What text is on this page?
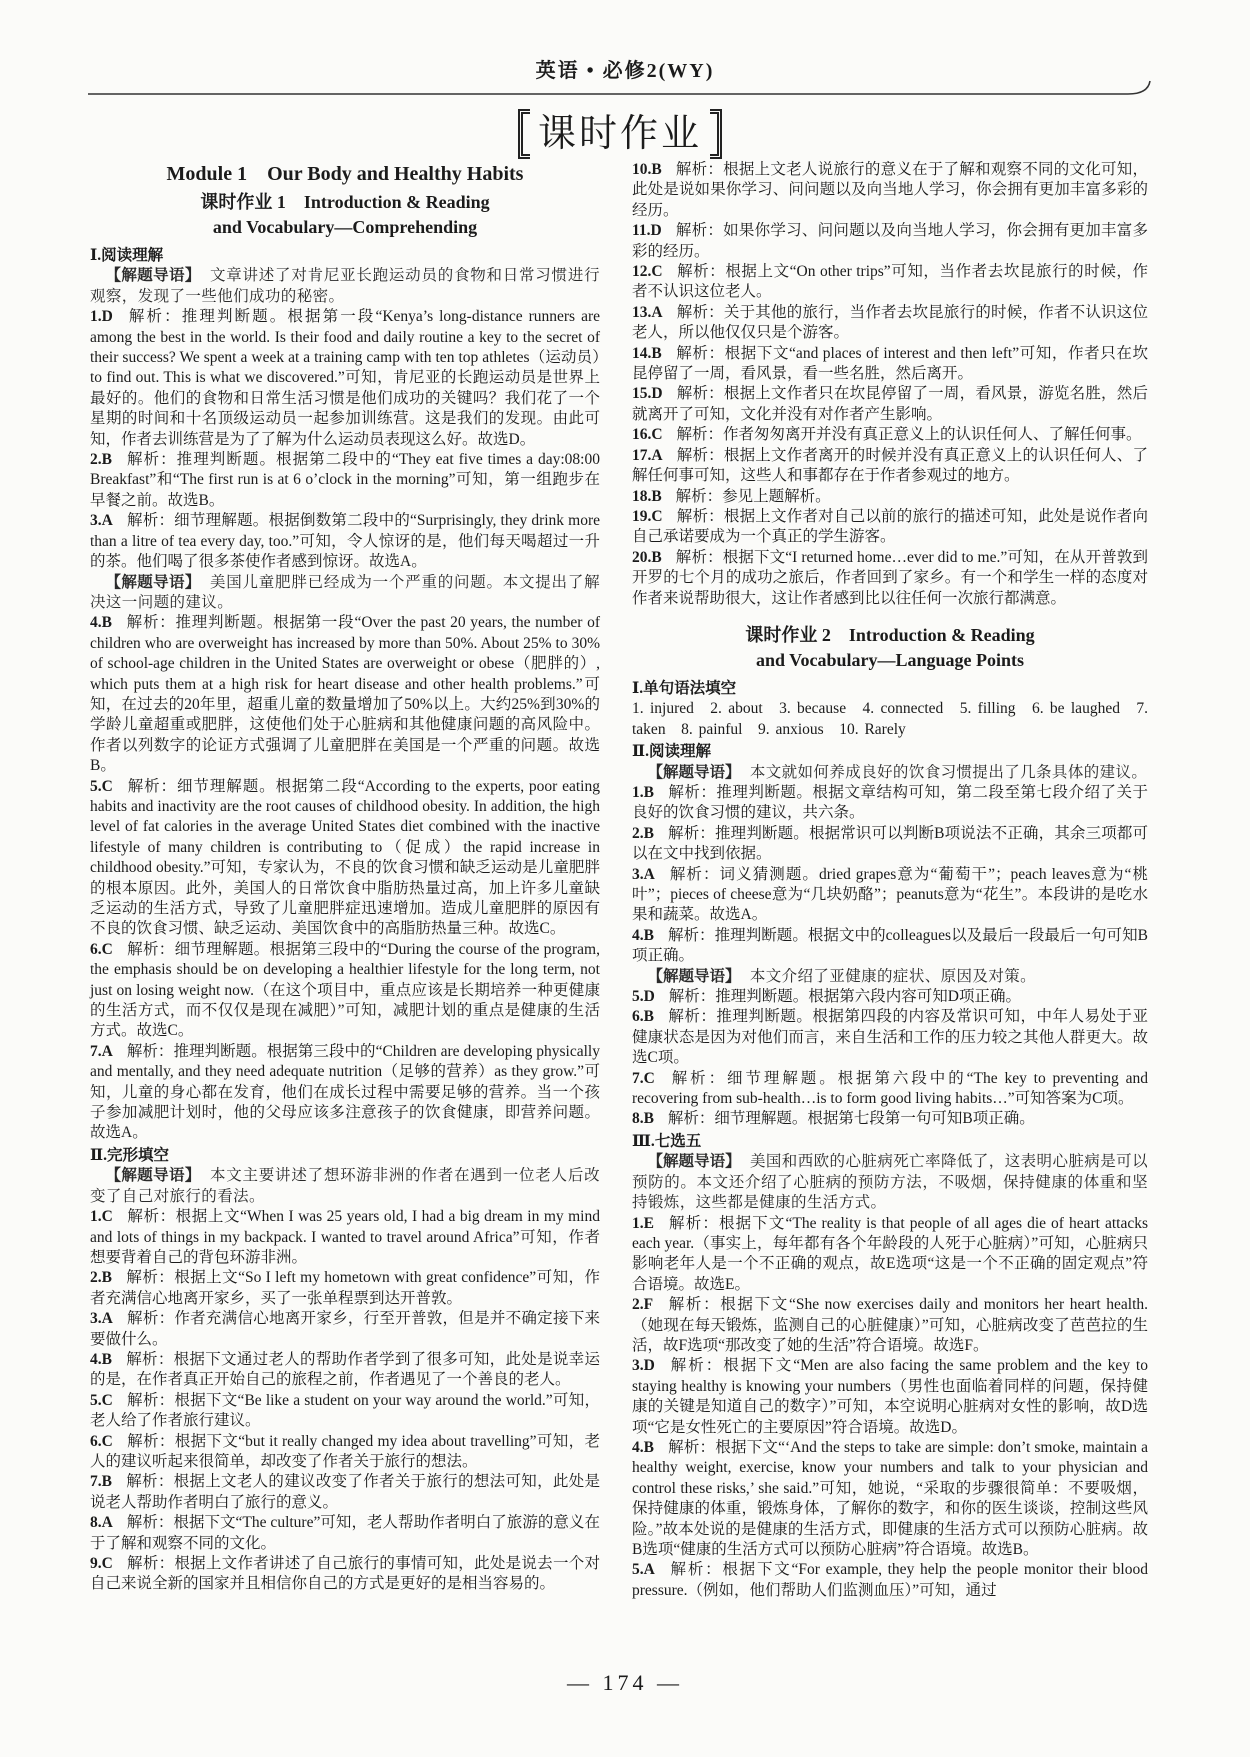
英语 • 必修2(WY)
课时作业
Module 1　Our Body and Healthy Habits
课时作业 1　Introduction & Reading
and Vocabulary—Comprehending
Ⅰ.阅读理解
【解题导语】 文章讲述了对肯尼亚长跑运动员的食物和日常习惯进行观察，发现了一些他们成功的秘密。
1.D 解析：推理判断题。根据第一段“Kenya’s long-distance runners are among the best in the world. Is their food and daily routine a key to the secret of their success? We spent a week at a training camp with ten top athletes（运动员）to find out. This is what we discovered.”可知，肯尼亚的长跑运动员是世界上最好的。他们的食物和日常生活习惯是他们成功的关键吗？我们花了一个星期的时间和十名顶级运动员一起参加训练营。这是我们的发现。由此可知，作者去训练营是为了了解为什么运动员表现这么好。故选D。
2.B 解析：推理判断题。根据第二段中的“They eat five times a day:08:00　Breakfast”和“The first run is at 6 o’clock in the morning”可知，第一组跑步在早餐之前。故选B。
3.A 解析：细节理解题。根据倒数第二段中的“Surprisingly, they drink more than a litre of tea every day, too.”可知，令人惊讶的是，他们每天喝超过一升的茶。他们喝了很多茶使作者感到惊讶。故选A。
【解题导语】 美国儿童肥胖已经成为一个严重的问题。本文提出了解决这一问题的建议。
4.B 解析：推理判断题。根据第一段“Over the past 20 years, the number of children who are overweight has increased by more than 50%. About 25% to 30% of school-age children in the United States are overweight or obese（肥胖的）, which puts them at a high risk for heart disease and other health problems.”可知，在过去的20年里，超重儿童的数量增加了50%以上。大约25%到30%的学龄儿童超重或肥胖，这使他们处于心脏病和其他健康问题的高风险中。作者以列数字的论证方式强调了儿童肥胖在美国是一个严重的问题。故选B。
5.C 解析：细节理解题。根据第二段“According to the experts, poor eating habits and inactivity are the root causes of childhood obesity. In addition, the high level of fat calories in the average United States diet combined with the inactive lifestyle of many children is contributing to（促成）the rapid increase in childhood obesity.”可知，专家认为，不良的饮食习惯和缺乏运动是儿童肥胖的根本原因。此外，美国人的日常饮食中脂肪热量过高，加上许多儿童缺乏运动的生活方式，导致了儿童肥胖症迅速增加。造成儿童肥胖的原因有不良的饮食习惯、缺乏运动、美国饮食中的高脂肪热量三种。故选C。
6.C 解析：细节理解题。根据第三段中的“During the course of the program, the emphasis should be on developing a healthier lifestyle for the long term, not just on losing weight now.（在这个项目中，重点应该是长期培养一种更健康的生活方式，而不仅仅是现在减肥）”可知，减肥计划的重点是健康的生活方式。故选C。
7.A 解析：推理判断题。根据第三段中的“Children are developing physically and mentally, and they need adequate nutrition（足够的营养）as they grow.”可知，儿童的身心都在发育，他们在成长过程中需要足够的营养。当一个孩子参加减肥计划时，他的父母应该多注意孩子的饮食健康，即营养问题。故选A。
Ⅱ.完形填空
【解题导语】 本文主要讲述了想环游非洲的作者在遇到一位老人后改变了自己对旅行的看法。
1.C 解析：根据上文“When I was 25 years old, I had a big dream in my mind and lots of things in my backpack. I wanted to travel around Africa”可知，作者想要背着自己的背包环游非洲。
2.B 解析：根据上文“So I left my hometown with great confidence”可知，作者充满信心地离开家乡，买了一张单程票到达开普敦。
3.A 解析：作者充满信心地离开家乡，行至开普敦，但是并不确定接下来要做什么。
4.B 解析：根据下文通过老人的帮助作者学到了很多可知，此处是说幸运的是，在作者真正开始自己的旅程之前，作者遇见了一个善良的老人。
5.C 解析：根据下文“Be like a student on your way around the world.”可知，老人给了作者旅行建议。
6.C 解析：根据下文“but it really changed my idea about travelling”可知，老人的建议听起来很简单，却改变了作者关于旅行的想法。
7.B 解析：根据上文老人的建议改变了作者关于旅行的想法可知，此处是说老人帮助作者明白了旅行的意义。
8.A 解析：根据下文“The culture”可知，老人帮助作者明白了旅游的意义在于了解和观察不同的文化。
9.C 解析：根据上文作者讲述了自己旅行的事情可知，此处是说去一个对自己来说全新的国家并且相信你自己的方式是更好的是相当容易的。
10.B 解析：根据上文老人说旅行的意义在于了解和观察不同的文化可知，此处是说如果你学习、问问题以及向当地人学习，你会拥有更加丰富多彩的经历。
11.D 解析：如果你学习、问问题以及向当地人学习，你会拥有更加丰富多彩的经历。
12.C 解析：根据上文“On other trips”可知，当作者去坎昆旅行的时候，作者不认识这位老人。
13.A 解析：关于其他的旅行，当作者去坎昆旅行的时候，作者不认识这位老人，所以他仅仅只是个游客。
14.B 解析：根据下文“and places of interest and then left”可知，作者只在坎昆停留了一周，看风景，看一些名胜，然后离开。
15.D 解析：根据上文作者只在坎昆停留了一周，看风景，游览名胜，然后就离开了可知，文化并没有对作者产生影响。
16.C 解析：作者匆匆离开并没有真正意义上的认识任何人、了解任何事。
17.A 解析：根据上文作者离开的时候并没有真正意义上的认识任何人、了解任何事可知，这些人和事都存在于作者参观过的地方。
18.B 解析：参见上题解析。
19.C 解析：根据上文作者对自己以前的旅行的描述可知，此处是说作者向自己承诺要成为一个真正的学生游客。
20.B 解析：根据下文“I returned home…ever did to me.”可知，在从开普敦到开罗的七个月的成功之旅后，作者回到了家乡。有一个和学生一样的态度对作者来说帮助很大，这让作者感到比以往任何一次旅行都满意。
课时作业 2　Introduction & Reading
and Vocabulary—Language Points
Ⅰ.单句语法填空
1. injured　2. about　3. because　4. connected　5. filling　6. be laughed　7. taken　8. painful　9. anxious　10. Rarely
Ⅱ.阅读理解
【解题导语】 本文就如何养成良好的饮食习惯提出了几条具体的建议。
1.B 解析：推理判断题。根据文章结构可知，第二段至第七段介绍了关于良好的饮食习惯的建议，共六条。
2.B 解析：推理判断题。根据常识可以判断B项说法不正确，其余三项都可以在文中找到依据。
3.A 解析：词义猜测题。dried grapes意为“葡萄干”；peach leaves意为“桃叶”；pieces of cheese意为“几块奶酪”；peanuts意为“花生”。本段讲的是吃水果和蔬菜。故选A。
4.B 解析：推理判断题。根据文中的colleagues以及最后一段最后一句可知B项正确。
【解题导语】 本文介绍了亚健康的症状、原因及对策。
5.D 解析：推理判断题。根据第六段内容可知D项正确。
6.B 解析：推理判断题。根据第四段的内容及常识可知，中年人易处于亚健康状态是因为对他们而言，来自生活和工作的压力较之其他人群更大。故选C项。
7.C 解析：细节理解题。根据第六段中的“The key to preventing and recovering from sub-health…is to form good living habits…”可知答案为C项。
8.B 解析：细节理解题。根据第七段第一句可知B项正确。
Ⅲ.七选五
【解题导语】 美国和西欧的心脏病死亡率降低了，这表明心脏病是可以预防的。本文还介绍了心脏病的预防方法，不吸烟，保持健康的体重和坚持锻炼，这些都是健康的生活方式。
1.E 解析：根据下文“The reality is that people of all ages die of heart attacks each year.（事实上，每年都有各个年龄段的人死于心脏病）”可知，心脏病只影响老年人是一个不正确的观点，故E选项“这是一个不正确的固定观点”符合语境。故选E。
2.F 解析：根据下文“She now exercises daily and monitors her heart health.（她现在每天锻炼，监测自己的心脏健康）”可知，心脏病改变了芭芭拉的生活，故F选项“那改变了她的生活”符合语境。故选F。
3.D 解析：根据下文“Men are also facing the same problem and the key to staying healthy is knowing your numbers（男性也面临着同样的问题，保持健康的关键是知道自己的数字）”可知，本空说明心脏病对女性的影响，故D选项“它是女性死亡的主要原因”符合语境。故选D。
4.B 解析：根据下文“‘And the steps to take are simple: don’t smoke, maintain a healthy weight, exercise, know your numbers and talk to your physician and control these risks,’ she said.”可知，她说，“采取的步骤很简单：不要吸烟，保持健康的体重，锻炼身体，了解你的数字，和你的医生谈谈，控制这些风险。”故本处说的是健康的生活方式，即健康的生活方式可以预防心脏病。故B选项“健康的生活方式可以预防心脏病”符合语境。故选B。
5.A 解析：根据下文“For example, they help the people monitor their blood pressure.（例如，他们帮助人们监测血压）”可知，通过
— 174 —
